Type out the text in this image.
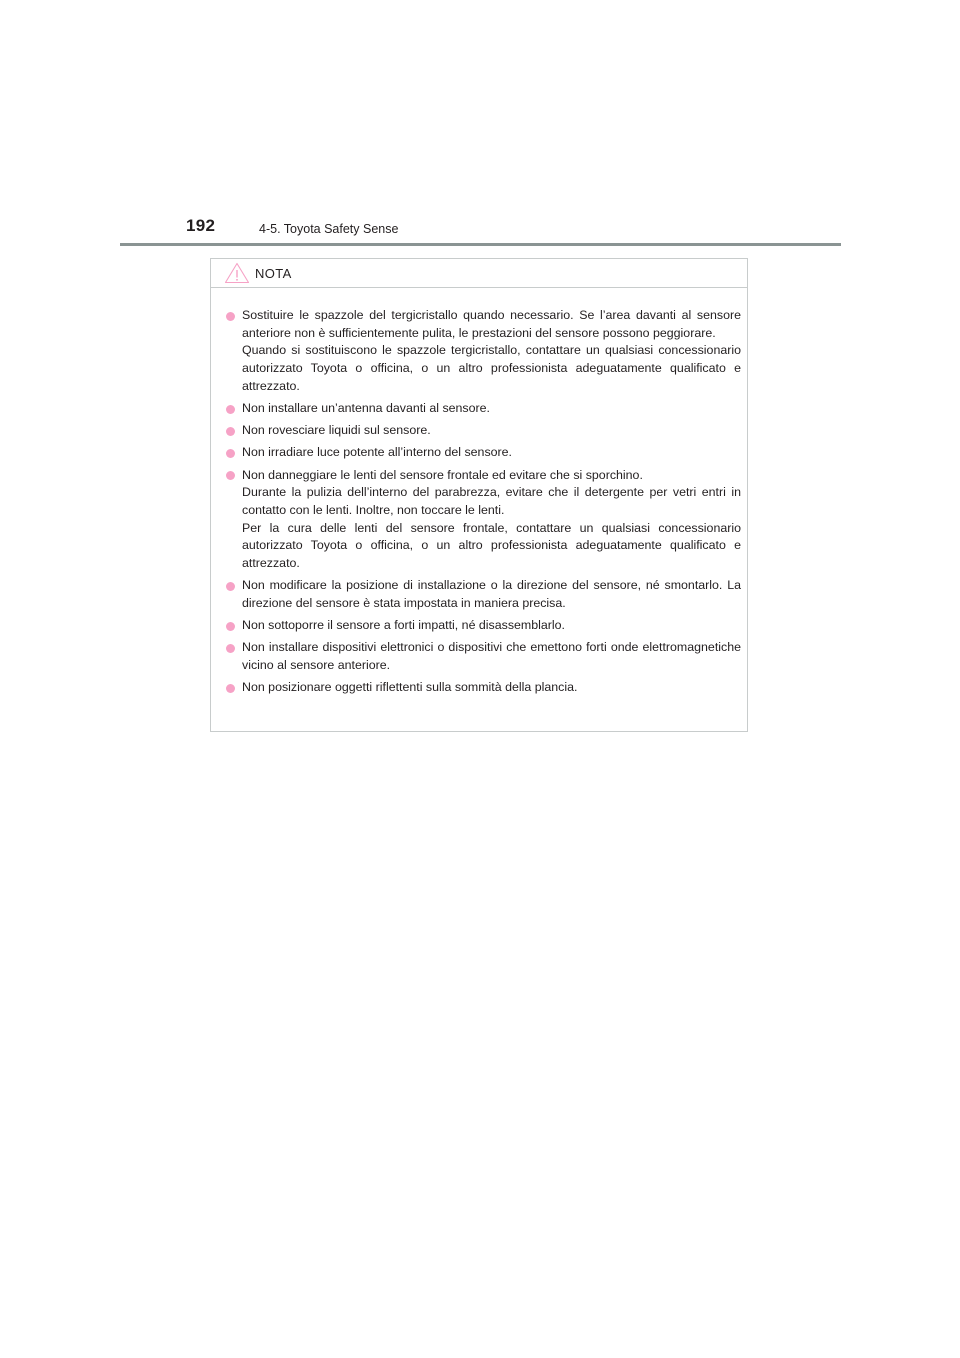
192	4-5. Toyota Safety Sense
NOTA

Sostituire le spazzole del tergicristallo quando necessario. Se l’area davanti al sensore anteriore non è sufficientemente pulita, le prestazioni del sensore possono peggiorare.

Quando si sostituiscono le spazzole tergicristallo, contattare un qualsiasi concessionario autorizzato Toyota o officina, o un altro professionista adeguatamente qualificato e attrezzato.

Non installare un’antenna davanti al sensore.

Non rovesciare liquidi sul sensore.

Non irradiare luce potente all’interno del sensore.

Non danneggiare le lenti del sensore frontale ed evitare che si sporchino.

Durante la pulizia dell’interno del parabrezza, evitare che il detergente per vetri entri in contatto con le lenti. Inoltre, non toccare le lenti.

Per la cura delle lenti del sensore frontale, contattare un qualsiasi concessionario autorizzato Toyota o officina, o un altro professionista adeguatamente qualificato e attrezzato.

Non modificare la posizione di installazione o la direzione del sensore, né smontarlo. La direzione del sensore è stata impostata in maniera precisa.

Non sottoporre il sensore a forti impatti, né disassemblarlo.

Non installare dispositivi elettronici o dispositivi che emettono forti onde elettromagnetiche vicino al sensore anteriore.

Non posizionare oggetti riflettenti sulla sommità della plancia.
